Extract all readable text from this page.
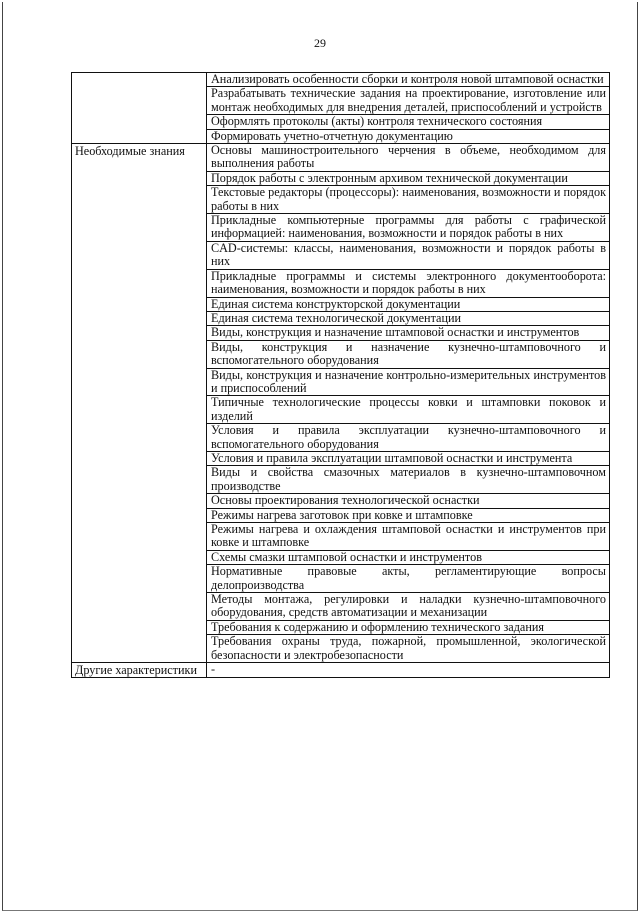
29
	Анализировать особенности сборки и контроля новой штамповой оснастки
	Разрабатывать технические задания на проектирование, изготовление или монтаж необходимых для внедрения деталей, приспособлений и устройств
	Оформлять протоколы (акты) контроля технического состояния
	Формировать учетно-отчетную документацию
Необходимые знания	Основы машиностроительного черчения в объеме, необходимом для выполнения работы
	Порядок работы с электронным архивом технической документации
	Текстовые редакторы (процессоры): наименования, возможности и порядок работы в них
	Прикладные компьютерные программы для работы с графической информацией: наименования, возможности и порядок работы в них
	CAD-системы: классы, наименования, возможности и порядок работы в них
	Прикладные программы и системы электронного документооборота: наименования, возможности и порядок работы в них
	Единая система конструкторской документации
	Единая система технологической документации
	Виды, конструкция и назначение штамповой оснастки и инструментов
	Виды, конструкция и назначение кузнечно-штамповочного и вспомогательного оборудования
	Виды, конструкция и назначение контрольно-измерительных инструментов и приспособлений
	Типичные технологические процессы ковки и штамповки поковок и изделий
	Условия и правила эксплуатации кузнечно-штамповочного и вспомогательного оборудования
	Условия и правила эксплуатации штамповой оснастки и инструмента
	Виды и свойства смазочных материалов в кузнечно-штамповочном производстве
	Основы проектирования технологической оснастки
	Режимы нагрева заготовок при ковке и штамповке
	Режимы нагрева и охлаждения штамповой оснастки и инструментов при ковке и штамповке
	Схемы смазки штамповой оснастки и инструментов
	Нормативные правовые акты, регламентирующие вопросы делопроизводства
	Методы монтажа, регулировки и наладки кузнечно-штамповочного оборудования, средств автоматизации и механизации
	Требования к содержанию и оформлению технического задания
	Требования охраны труда, пожарной, промышленной, экологической безопасности и электробезопасности
Другие характеристики	-
